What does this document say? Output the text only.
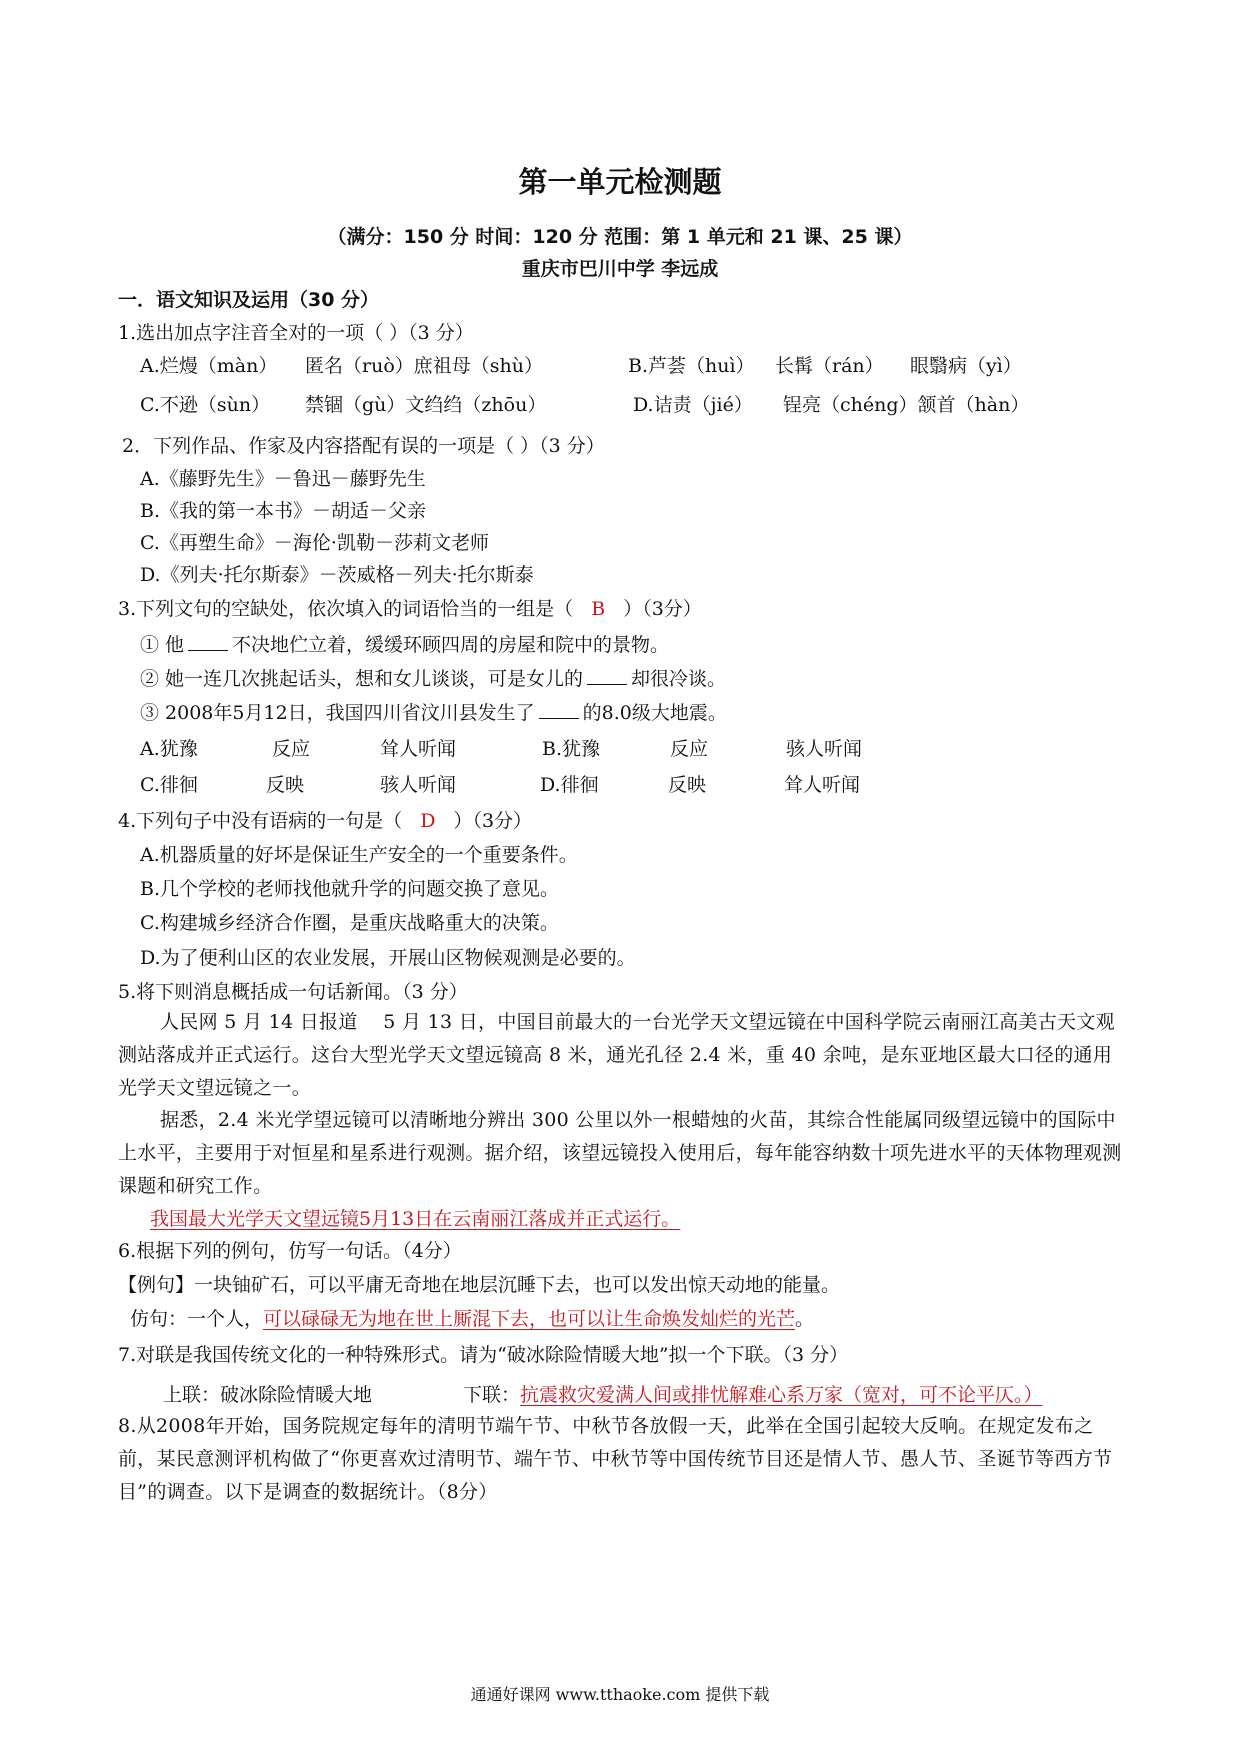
第一单元检测题
（满分：150 分 时间：120 分 范围：第 1 单元和 21 课、25 课）
重庆市巴川中学 李远成
一．语文知识及运用（30 分）
1.选出加点字注音全对的一项（ ）（3 分）
A.烂熳（màn） 匿名（ruò）庶祖母（shù）	B.芦荟（huì） 长髯（rán） 眼翳病（yì）
C.不逊（sùn） 禁锢（gù）文绉绉（zhōu）	D.诘责（jié） 锃亮（chéng）颔首（hàn）
2．下列作品、作家及内容搭配有误的一项是（ ）（3 分）
A.《藤野先生》－鲁迅－藤野先生
B.《我的第一本书》－胡适－父亲
C.《再塑生命》－海伦·凯勒－莎莉文老师
D.《列夫·托尔斯泰》－茨威格－列夫·托尔斯泰
3.下列文句的空缺处，依次填入的词语恰当的一组是（ B ）（3分）
① 他	不决地伫立着，缓缓环顾四周的房屋和院中的景物。
② 她一连几次挑起话头，想和女儿谈谈，可是女儿的	却很冷谈。
③ 2008年5月12日，我国四川省汶川县发生了	的8.0级大地震。
A.犹豫	反应	耸人听闻	B.犹豫	反应	骇人听闻
C.徘徊	反映	骇人听闻	D.徘徊	反映	耸人听闻
4.下列句子中没有语病的一句是（ D ）（3分）
A.机器质量的好坏是保证生产安全的一个重要条件。
B.几个学校的老师找他就升学的问题交换了意见。
C.构建城乡经济合作圈，是重庆战略重大的决策。
D.为了便利山区的农业发展，开展山区物候观测是必要的。
5.将下则消息概括成一句话新闻。（3 分）
人民网 5 月 14 日报道　 5 月 13 日，中国目前最大的一台光学天文望远镜在中国科学院云南丽江高美古天文观测站落成并正式运行。这台大型光学天文望远镜高 8 米，通光孔径 2.4 米，重 40 余吨，是东亚地区最大口径的通用光学天文望远镜之一。
据悉，2.4 米光学望远镜可以清晰地分辨出 300 公里以外一根蜡烛的火苗，其综合性能属同级望远镜中的国际中上水平，主要用于对恒星和星系进行观测。据介绍，该望远镜投入使用后，每年能容纳数十项先进水平的天体物理观测课题和研究工作。
我国最大光学天文望远镜5月13日在云南丽江落成并正式运行。
6.根据下列的例句，仿写一句话。（4分）
【例句】一块铀矿石，可以平庸无奇地在地层沉睡下去，也可以发出惊天动地的能量。
仿句：一个人，可以碌碌无为地在世上厮混下去，也可以让生命焕发灿烂的光芒。
7.对联是我国传统文化的一种特殊形式。请为“破冰除险情暖大地”拟一个下联。（3 分）
上联：破冰除险情暖大地	下联：抗震救灾爱满人间或排忧解难心系万家（宽对，可不论平仄。）
8.从2008年开始，国务院规定每年的清明节端午节、中秋节各放假一天，此举在全国引起较大反响。在规定发布之前，某民意测评机构做了“你更喜欢过清明节、端午节、中秋节等中国传统节目还是情人节、愚人节、圣诞节等西方节目”的调查。以下是调查的数据统计。（8分）
通通好课网 www.tthaoke.com 提供下载
